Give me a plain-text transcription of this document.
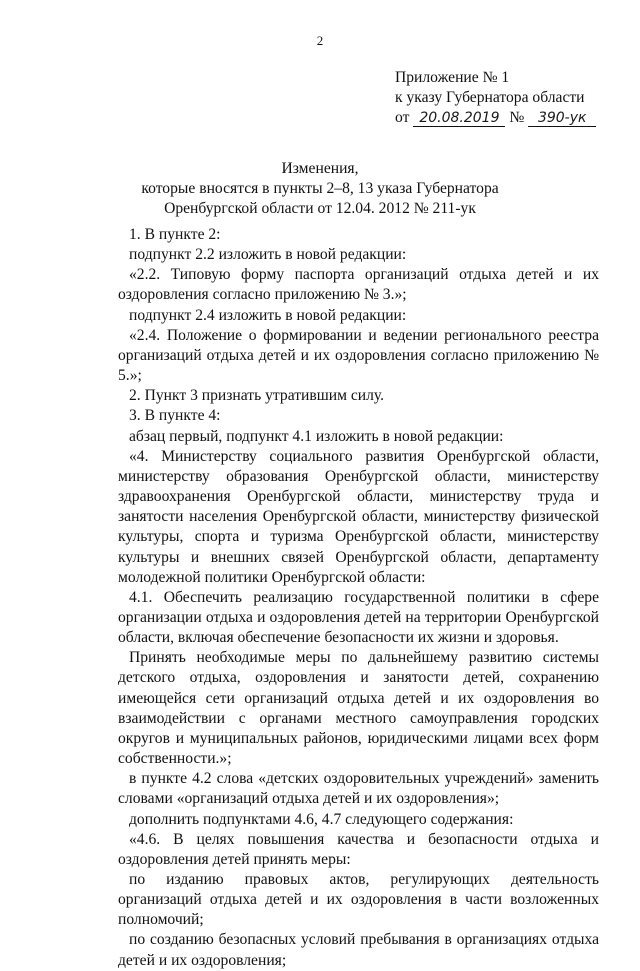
2
Приложение № 1
к указу Губернатора области
от 20.08.2019 № 390-ук
Изменения,
которые вносятся в пункты 2–8, 13 указа Губернатора
Оренбургской области от 12.04. 2012 № 211-ук

1. В пункте 2:

подпункт 2.2 изложить в новой редакции:

«2.2. Типовую форму паспорта организаций отдыха детей и их оздоровления согласно приложению № 3.»;

подпункт 2.4 изложить в новой редакции:

«2.4. Положение о формировании и ведении регионального реестра организаций отдыха детей и их оздоровления согласно приложению № 5.»;

2. Пункт 3 признать утратившим силу.

3. В пункте 4:

абзац первый, подпункт 4.1 изложить в новой редакции:

«4. Министерству социального развития Оренбургской области, министерству образования Оренбургской области, министерству здравоохранения Оренбургской области, министерству труда и занятости населения Оренбургской области, министерству физической культуры, спорта и туризма Оренбургской области, министерству культуры и внешних связей Оренбургской области, департаменту молодежной политики Оренбургской области:

4.1. Обеспечить реализацию государственной политики в сфере организации отдыха и оздоровления детей на территории Оренбургской области, включая обеспечение безопасности их жизни и здоровья.

Принять необходимые меры по дальнейшему развитию системы детского отдыха, оздоровления и занятости детей, сохранению имеющейся сети организаций отдыха детей и их оздоровления во взаимодействии с органами местного самоуправления городских округов и муниципальных районов, юридическими лицами всех форм собственности.»;

в пункте 4.2 слова «детских оздоровительных учреждений» заменить словами «организаций отдыха детей и их оздоровления»;

дополнить подпунктами 4.6, 4.7 следующего содержания:

«4.6. В целях повышения качества и безопасности отдыха и оздоровления детей принять меры:

по изданию правовых актов, регулирующих деятельность организаций отдыха детей и их оздоровления в части возложенных полномочий;

по созданию безопасных условий пребывания в организациях отдыха детей и их оздоровления;
